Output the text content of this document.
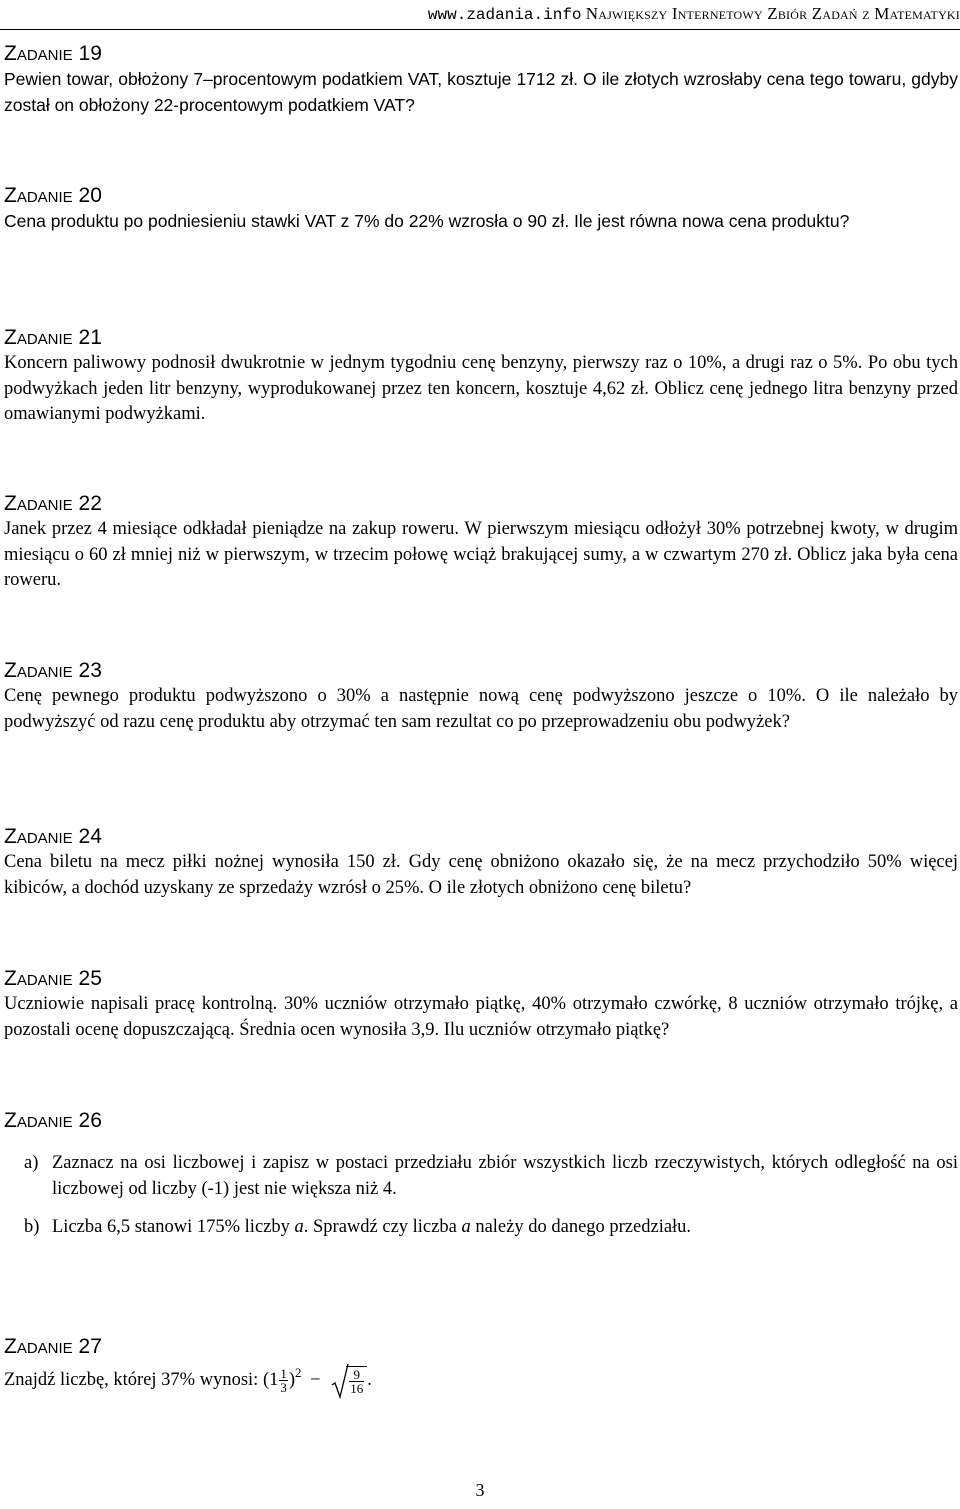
www.zadania.info Największy Internetowy Zbiór Zadań z Matematyki
Zadanie 19

Pewien towar, obłożony 7–procentowym podatkiem VAT, kosztuje 1712 zł. O ile złotych wzrosłaby cena tego towaru, gdyby został on obłożony 22-procentowym podatkiem VAT?

Zadanie 20

Cena produktu po podniesieniu stawki VAT z 7% do 22% wzrosła o 90 zł. Ile jest równa nowa cena produktu?

Zadanie 21

Koncern paliwowy podnosił dwukrotnie w jednym tygodniu cenę benzyny, pierwszy raz o 10%, a drugi raz o 5%. Po obu tych podwyżkach jeden litr benzyny, wyprodukowanej przez ten koncern, kosztuje 4,62 zł. Oblicz cenę jednego litra benzyny przed omawianymi podwyżkami.

Zadanie 22

Janek przez 4 miesiące odkładał pieniądze na zakup roweru. W pierwszym miesiącu odłożył 30% potrzebnej kwoty, w drugim miesiącu o 60 zł mniej niż w pierwszym, w trzecim połowę wciąż brakującej sumy, a w czwartym 270 zł. Oblicz jaka była cena roweru.

Zadanie 23

Cenę pewnego produktu podwyższono o 30% a następnie nową cenę podwyższono jeszcze o 10%. O ile należało by podwyższyć od razu cenę produktu aby otrzymać ten sam rezultat co po przeprowadzeniu obu podwyżek?

Zadanie 24

Cena biletu na mecz piłki nożnej wynosiła 150 zł. Gdy cenę obniżono okazało się, że na mecz przychodziło 50% więcej kibiców, a dochód uzyskany ze sprzedaży wzrósł o 25%. O ile złotych obniżono cenę biletu?

Zadanie 25

Uczniowie napisali pracę kontrolną. 30% uczniów otrzymało piątkę, 40% otrzymało czwórkę, 8 uczniów otrzymało trójkę, a pozostali ocenę dopuszczającą. Średnia ocen wynosiła 3,9. Ilu uczniów otrzymało piątkę?

Zadanie 26
a) Zaznacz na osi liczbowej i zapisz w postaci przedziału zbiór wszystkich liczb rzeczywistych, których odległość na osi liczbowej od liczby (-1) jest nie większa niż 4.
b) Liczba 6,5 stanowi 175% liczby a. Sprawdź czy liczba a należy do danego przedziału.
Zadanie 27

Znajdź liczbę, której 37% wynosi: $(1 \frac{1}{3} )^2 - \frac{9}{16}$ .

3
